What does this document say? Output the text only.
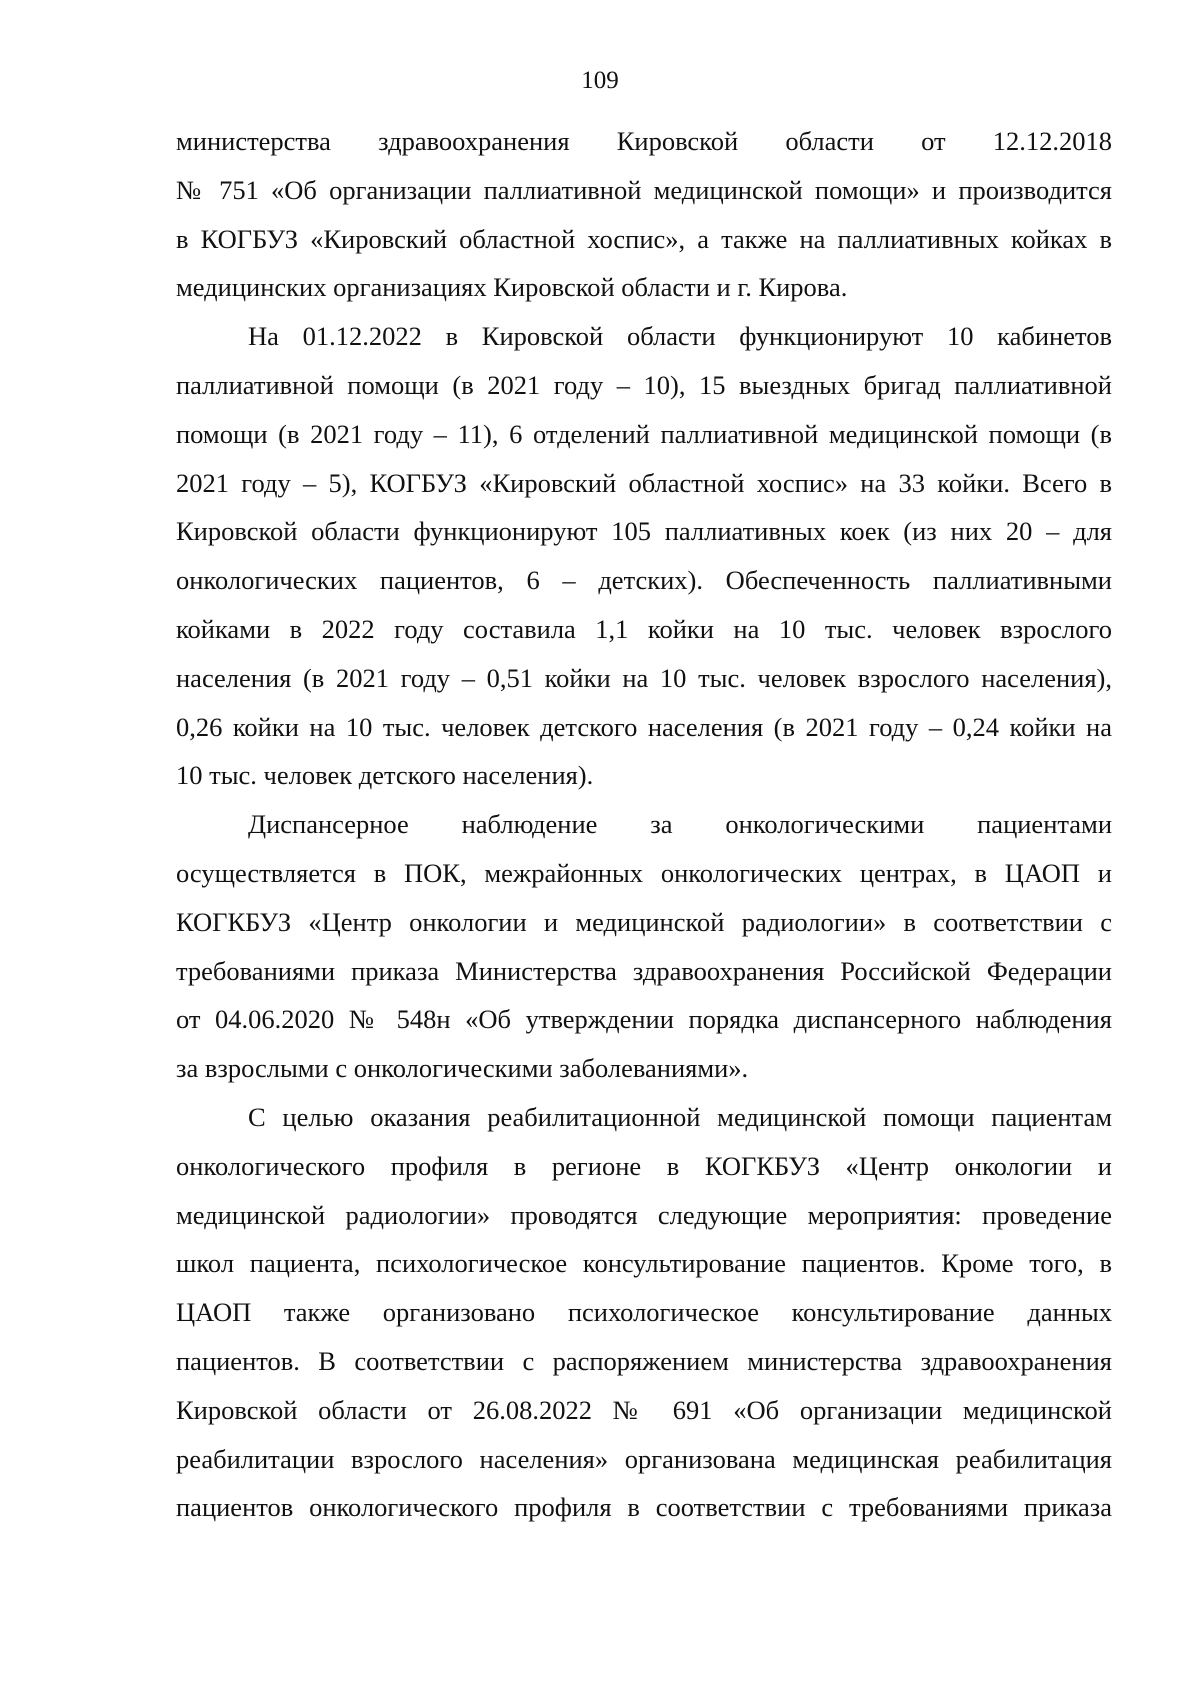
109

министерства здравоохранения Кировской области от 12.12.2018

№ 751 «Об организации паллиативной медицинской помощи» и производится

в КОГБУЗ «Кировский областной хоспис», а также на паллиативных койках в

медицинских организациях Кировской области и г. Кирова.

На 01.12.2022 в Кировской области функционируют 10 кабинетов

паллиативной помощи (в 2021 году – 10), 15 выездных бригад паллиативной

помощи (в 2021 году – 11), 6 отделений паллиативной медицинской помощи (в

2021 году – 5), КОГБУЗ «Кировский областной хоспис» на 33 койки. Всего в

Кировской области функционируют 105 паллиативных коек (из них 20 – для

онкологических пациентов, 6 – детских). Обеспеченность паллиативными

койками в 2022 году составила 1,1 койки на 10 тыс. человек взрослого

населения (в 2021 году – 0,51 койки на 10 тыс. человек взрослого населения),

0,26 койки на 10 тыс. человек детского населения (в 2021 году – 0,24 койки на

10 тыс. человек детского населения).

Диспансерное наблюдение за онкологическими пациентами

осуществляется в ПОК, межрайонных онкологических центрах, в ЦАОП и

КОГКБУЗ «Центр онкологии и медицинской радиологии» в соответствии с

требованиями приказа Министерства здравоохранения Российской Федерации

от 04.06.2020 № 548н «Об утверждении порядка диспансерного наблюдения

за взрослыми с онкологическими заболеваниями».

С целью оказания реабилитационной медицинской помощи пациентам

онкологического профиля в регионе в КОГКБУЗ «Центр онкологии и

медицинской радиологии» проводятся следующие мероприятия: проведение

школ пациента, психологическое консультирование пациентов. Кроме того, в

ЦАОП также организовано психологическое консультирование данных

пациентов. В соответствии с распоряжением министерства здравоохранения

Кировской области от 26.08.2022 № 691 «Об организации медицинской

реабилитации взрослого населения» организована медицинская реабилитация

пациентов онкологического профиля в соответствии с требованиями приказа
